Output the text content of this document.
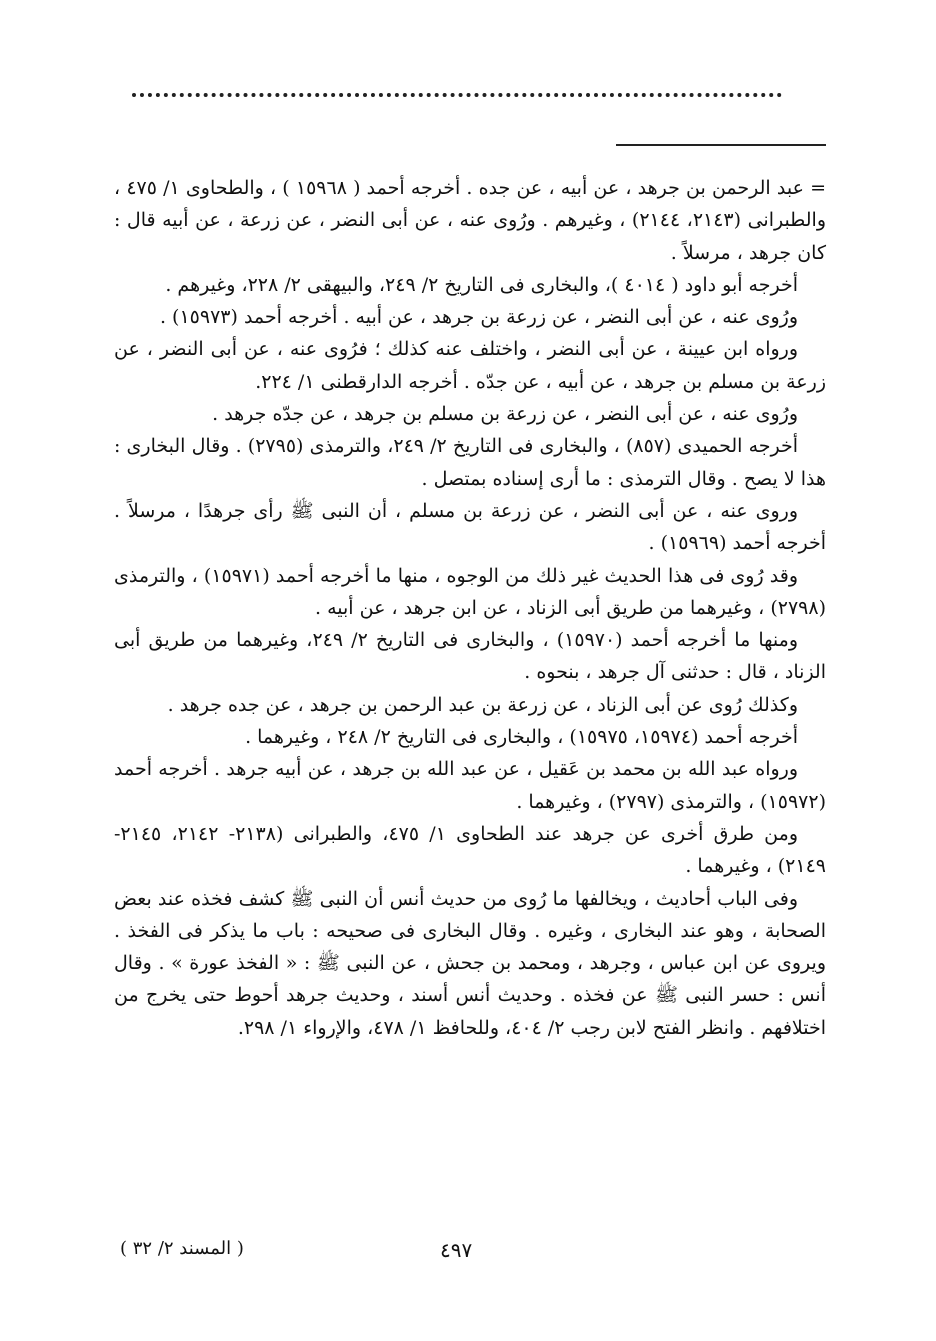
= عبد الرحمن بن جرهد ، عن أبيه ، عن جده . أخرجه أحمد ( ١٥٩٦٨ ) ، والطحاوى ١/ ٤٧٥ ، والطبرانى (٢١٤٣، ٢١٤٤) ، وغيرهم . ورُوى عنه ، عن أبى النضر ، عن زرعة ، عن أبيه قال : كان جرهد ، مرسلاً .

أخرجه أبو داود ( ٤٠١٤ )، والبخارى فى التاريخ ٢/ ٢٤٩، والبيهقى ٢/ ٢٢٨، وغيرهم .

ورُوى عنه ، عن أبى النضر ، عن زرعة بن جرهد ، عن أبيه . أخرجه أحمد (١٥٩٧٣) .

ورواه ابن عيينة ، عن أبى النضر ، واختلف عنه كذلك ؛ فرُوى عنه ، عن أبى النضر ، عن زرعة بن مسلم بن جرهد ، عن أبيه ، عن جدّه . أخرجه الدارقطنى ١/ ٢٢٤.

ورُوى عنه ، عن أبى النضر ، عن زرعة بن مسلم بن جرهد ، عن جدّه جرهد .

أخرجه الحميدى (٨٥٧) ، والبخارى فى التاريخ ٢/ ٢٤٩، والترمذى (٢٧٩٥) . وقال البخارى : هذا لا يصح . وقال الترمذى : ما أرى إسناده بمتصل .

وروى عنه ، عن أبى النضر ، عن زرعة بن مسلم ، أن النبى ﷺ رأى جرهدًا ، مرسلاً . أخرجه أحمد (١٥٩٦٩) .

وقد رُوى فى هذا الحديث غير ذلك من الوجوه ، منها ما أخرجه أحمد (١٥٩٧١) ، والترمذى (٢٧٩٨) ، وغيرهما من طريق أبى الزناد ، عن ابن جرهد ، عن أبيه .

ومنها ما أخرجه أحمد (١٥٩٧٠) ، والبخارى فى التاريخ ٢/ ٢٤٩، وغيرهما من طريق أبى الزناد ، قال : حدثنى آل جرهد ، بنحوه .

وكذلك رُوى عن أبى الزناد ، عن زرعة بن عبد الرحمن بن جرهد ، عن جده جرهد .

أخرجه أحمد (١٥٩٧٤، ١٥٩٧٥) ، والبخارى فى التاريخ ٢/ ٢٤٨ ، وغيرهما .

ورواه عبد الله بن محمد بن عَقيل ، عن عبد الله بن جرهد ، عن أبيه جرهد . أخرجه أحمد (١٥٩٧٢) ، والترمذى (٢٧٩٧) ، وغيرهما .

ومن طرق أخرى عن جرهد عند الطحاوى ١/ ٤٧٥، والطبرانى (٢١٣٨- ٢١٤٢، ٢١٤٥- ٢١٤٩) ، وغيرهما .

وفى الباب أحاديث ، ويخالفها ما رُوى من حديث أنس أن النبى ﷺ كشف فخذه عند بعض الصحابة ، وهو عند البخارى ، وغيره . وقال البخارى فى صحيحه : باب ما يذكر فى الفخذ . ويروى عن ابن عباس ، وجرهد ، ومحمد بن جحش ، عن النبى ﷺ : « الفخذ عورة » . وقال أنس : حسر النبى ﷺ عن فخذه . وحديث أنس أسند ، وحديث جرهد أحوط حتى يخرج من اختلافهم . وانظر الفتح لابن رجب ٢/ ٤٠٤، وللحافظ ١/ ٤٧٨، والإرواء ١/ ٢٩٨.

٤٩٧
( المسند ٢/ ٣٢ )
